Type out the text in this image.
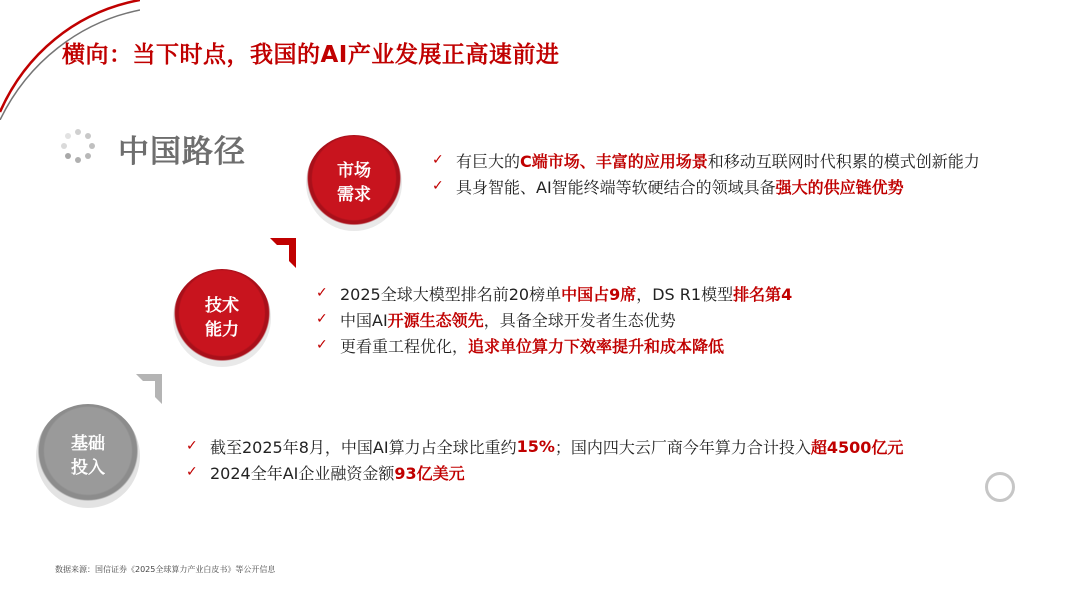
横向：当下时点，我国的AI产业发展正高速前进
中国路径
市场
需求
技术
能力
基础
投入
✓ 有巨大的 C端市场、丰富的应用场景 和移动互联网时代积累的模式创新能力
✓ 具身智能、AI智能终端等软硬结合的领域具备 强大的供应链优势
✓ 2025全球大模型排名前20榜单 中国占9席 ，DS R1模型 排名第4
✓ 中国AI 开源生态领先 ，具备全球开发者生态优势
✓ 更看重工程优化， 追求单位算力下效率提升和成本降低
✓ 截至2025年8月，中国AI算力占全球比重约 15% ；国内四大云厂商今年算力合计投入 超4500亿元
✓ 2024全年AI企业融资金额 93亿美元
数据来源：国信证券《2025全球算力产业白皮书》等公开信息
